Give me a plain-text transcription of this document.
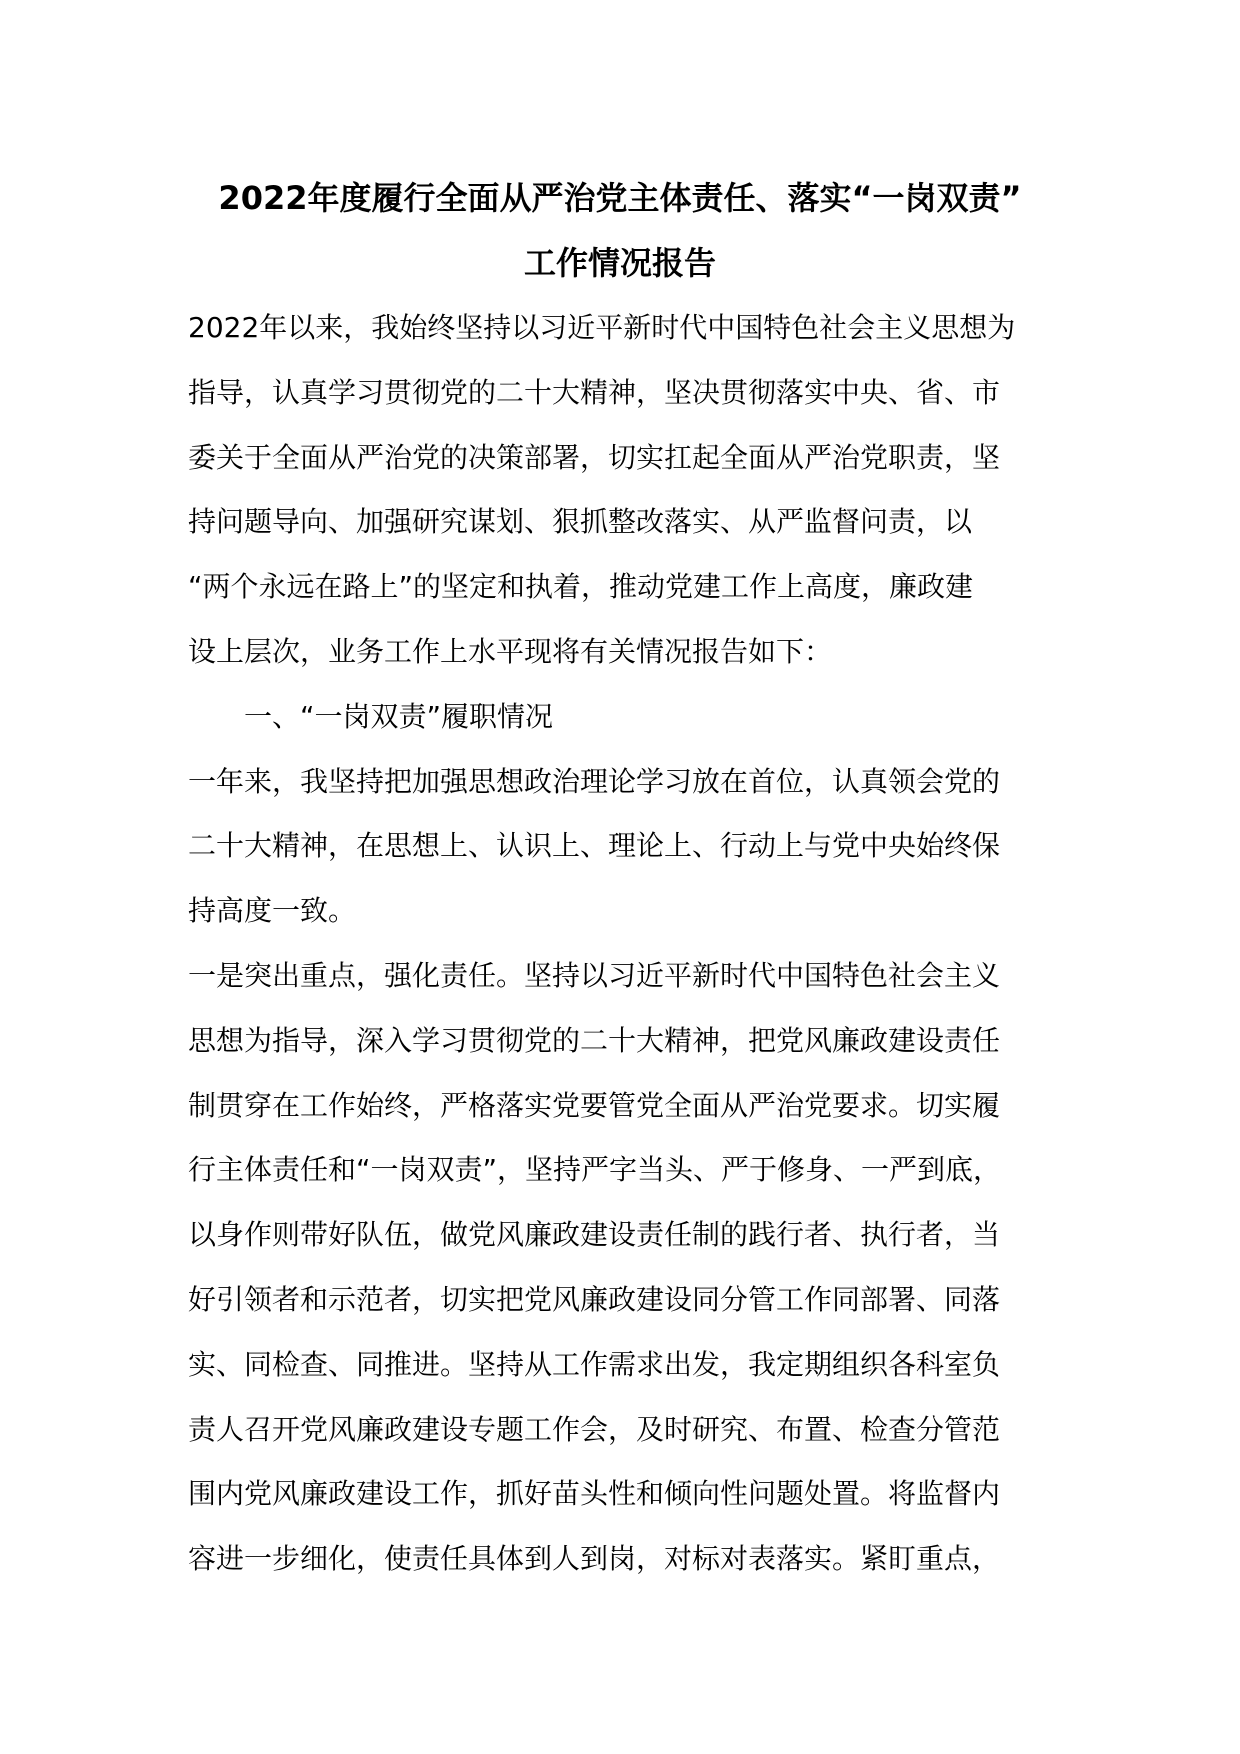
2022年度履行全面从严治党主体责任、落实“一岗双责”
工作情况报告
2022年以来，我始终坚持以习近平新时代中国特色社会主义思想为
指导，认真学习贯彻党的二十大精神，坚决贯彻落实中央、省、市
委关于全面从严治党的决策部署，切实扛起全面从严治党职责，坚
持问题导向、加强研究谋划、狠抓整改落实、从严监督问责，以
“两个永远在路上”的坚定和执着，推动党建工作上高度，廉政建
设上层次，业务工作上水平现将有关情况报告如下：
一、“一岗双责”履职情况
一年来，我坚持把加强思想政治理论学习放在首位，认真领会党的
二十大精神，在思想上、认识上、理论上、行动上与党中央始终保
持高度一致。
一是突出重点，强化责任。坚持以习近平新时代中国特色社会主义
思想为指导，深入学习贯彻党的二十大精神，把党风廉政建设责任
制贯穿在工作始终，严格落实党要管党全面从严治党要求。切实履
行主体责任和“一岗双责”，坚持严字当头、严于修身、一严到底，
以身作则带好队伍，做党风廉政建设责任制的践行者、执行者，当
好引领者和示范者，切实把党风廉政建设同分管工作同部署、同落
实、同检查、同推进。坚持从工作需求出发，我定期组织各科室负
责人召开党风廉政建设专题工作会，及时研究、布置、检查分管范
围内党风廉政建设工作，抓好苗头性和倾向性问题处置。将监督内
容进一步细化，使责任具体到人到岗，对标对表落实。紧盯重点，
